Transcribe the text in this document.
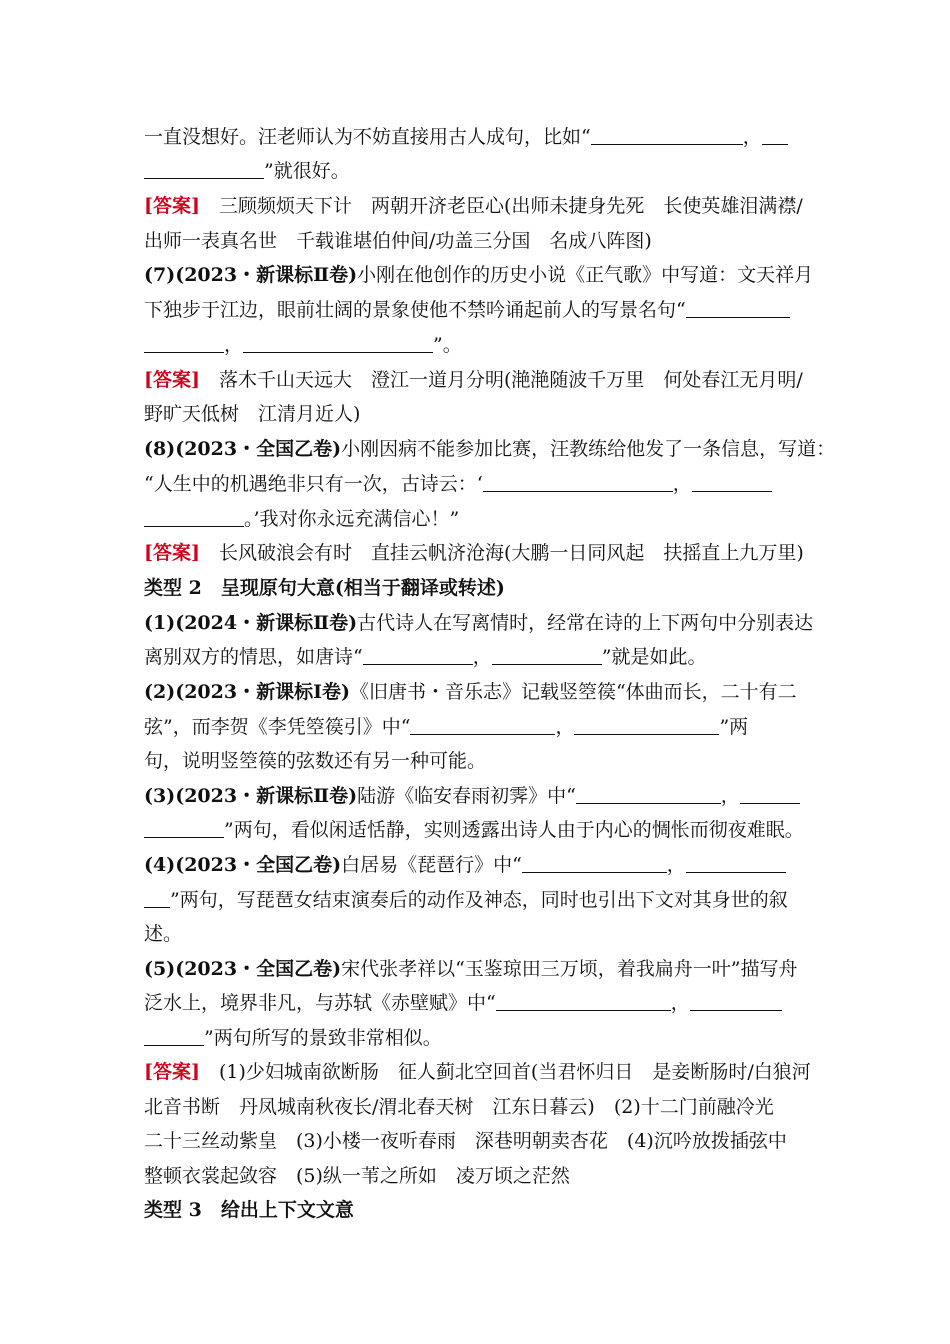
一直没想好。汪老师认为不妨直接用古人成句，比如“	，
”就很好。
[答案]　 三顾频烦天下计　两朝开济老臣心(出师未捷身先死　长使英雄泪满襟/
出师一表真名世　千载谁堪伯仲间/功盖三分国　名成八阵图)
(7)(2023・新课标Ⅱ卷)小刚在他创作的历史小说《正气歌》中写道：文天祥月
下独步于江边，眼前壮阔的景象使他不禁吟诵起前人的写景名句“
，	”。
[答案]　 落木千山天远大　澄江一道月分明(滟滟随波千万里　何处春江无月明/
野旷天低树　江清月近人)
(8)(2023・全国乙卷)小刚因病不能参加比赛，汪教练给他发了一条信息，写道：
“人生中的机遇绝非只有一次，古诗云：‘	，
。’我对你永远充满信心！”
[答案]　 长风破浪会有时　直挂云帆济沧海(大鹏一日同风起　扶摇直上九万里)
类型 2　呈现原句大意(相当于翻译或转述)
(1)(2024・新课标Ⅱ卷)古代诗人在写离情时，经常在诗的上下两句中分别表达
离别双方的情思，如唐诗“	，	”就是如此。
(2)(2023・新课标Ⅰ卷)《旧唐书・音乐志》记载竖箜篌“体曲而长，二十有二
弦”，而李贺《李凭箜篌引》中“	，	”两
句，说明竖箜篌的弦数还有另一种可能。
(3)(2023・新课标Ⅱ卷)陆游《临安春雨初霁》中“	，
”两句，看似闲适恬静，实则透露出诗人由于内心的惆怅而彻夜难眠。
(4)(2023・全国乙卷)白居易《琵琶行》中“	，
”两句，写琵琶女结束演奏后的动作及神态，同时也引出下文对其身世的叙
述。
(5)(2023・全国乙卷)宋代张孝祥以“玉鉴琼田三万顷，着我扁舟一叶”描写舟
泛水上，境界非凡，与苏轼《赤壁赋》中“	，
”两句所写的景致非常相似。
[答案]　 (1)少妇城南欲断肠　征人蓟北空回首(当君怀归日　是妾断肠时/白狼河
北音书断　丹凤城南秋夜长/渭北春天树　江东日暮云)　(2)十二门前融冷光
二十三丝动紫皇　(3)小楼一夜听春雨　深巷明朝卖杏花　(4)沉吟放拨插弦中
整顿衣裳起敛容　(5)纵一苇之所如　凌万顷之茫然
类型 3　给出上下文文意
